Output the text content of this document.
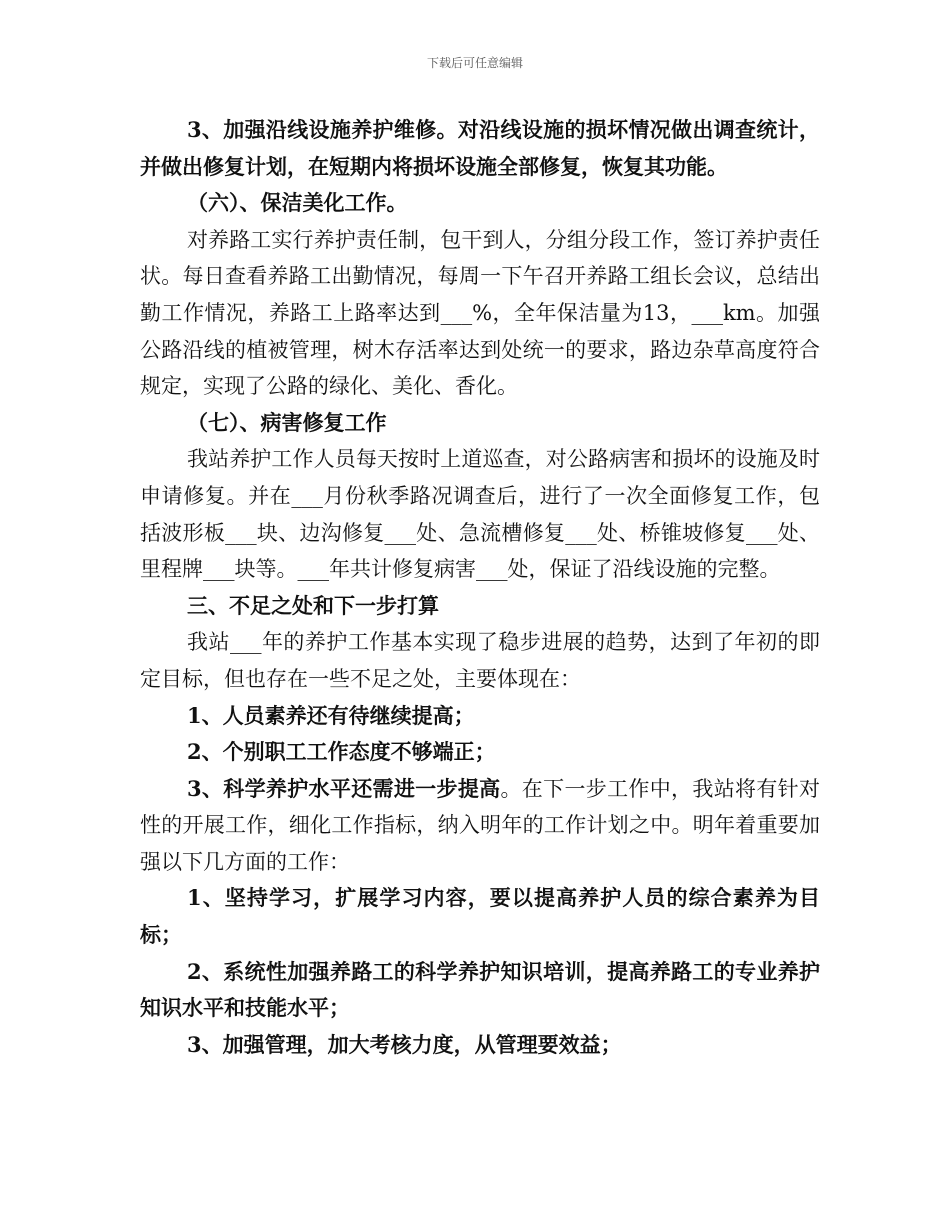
下载后可任意编辑

3、加强沿线设施养护维修。对沿线设施的损坏情况做出调查统计，并做出修复计划，在短期内将损坏设施全部修复，恢复其功能。

（六）、保洁美化工作。

对养路工实行养护责任制，包干到人，分组分段工作，签订养护责任状。每日查看养路工出勤情况，每周一下午召开养路工组长会议，总结出勤工作情况，养路工上路率达到___%，全年保洁量为13，___km。加强公路沿线的植被管理，树木存活率达到处统一的要求，路边杂草高度符合规定，实现了公路的绿化、美化、香化。

（七）、病害修复工作

我站养护工作人员每天按时上道巡查，对公路病害和损坏的设施及时申请修复。并在___月份秋季路况调查后，进行了一次全面修复工作，包括波形板___块、边沟修复___处、急流槽修复___处、桥锥坡修复___处、里程牌___块等。___年共计修复病害___处，保证了沿线设施的完整。

三、不足之处和下一步打算

我站___年的养护工作基本实现了稳步进展的趋势，达到了年初的即定目标，但也存在一些不足之处，主要体现在：

1、人员素养还有待继续提高；

2、个别职工工作态度不够端正；

3、科学养护水平还需进一步提高。在下一步工作中，我站将有针对性的开展工作，细化工作指标，纳入明年的工作计划之中。明年着重要加强以下几方面的工作：

1、坚持学习，扩展学习内容，要以提高养护人员的综合素养为目标；

2、系统性加强养路工的科学养护知识培训，提高养路工的专业养护知识水平和技能水平；

3、加强管理，加大考核力度，从管理要效益；
